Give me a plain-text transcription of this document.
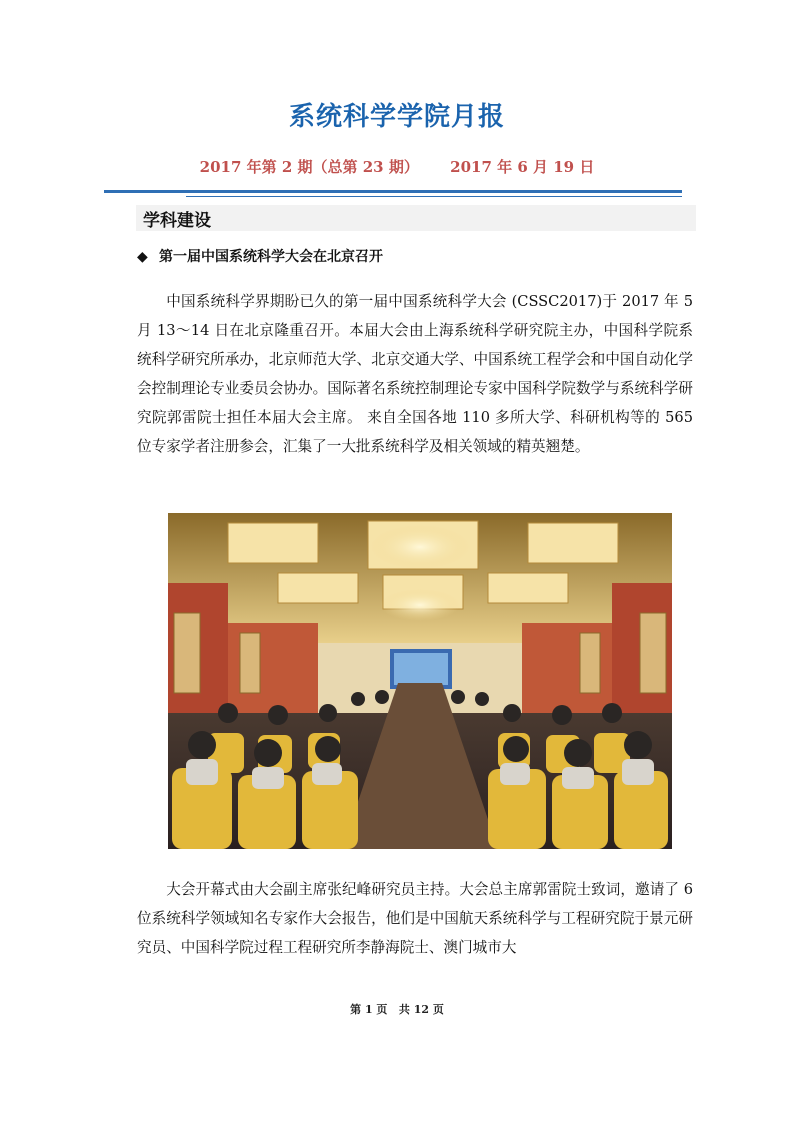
系统科学学院月报
2017 年第 2 期（总第 23 期）      2017 年 6 月 19 日
学科建设
◆ 第一届中国系统科学大会在北京召开

中国系统科学界期盼已久的第一届中国系统科学大会 (CSSC2017)于 2017 年 5 月 13～14 日在北京隆重召开。本届大会由上海系统科学研究院主办，中国科学院系统科学研究所承办，北京师范大学、北京交通大学、中国系统工程学会和中国自动化学会控制理论专业委员会协办。国际著名系统控制理论专家中国科学院数学与系统科学研究院郭雷院士担任本届大会主席。 来自全国各地 110 多所大学、科研机构等的 565 位专家学者注册参会，汇集了一大批系统科学及相关领域的精英翘楚。

大会开幕式由大会副主席张纪峰研究员主持。大会总主席郭雷院士致词，邀请了 6 位系统科学领域知名专家作大会报告，他们是中国航天系统科学与工程研究院于景元研究员、中国科学院过程工程研究所李静海院士、澳门城市大

第 1 页   共 12 页
